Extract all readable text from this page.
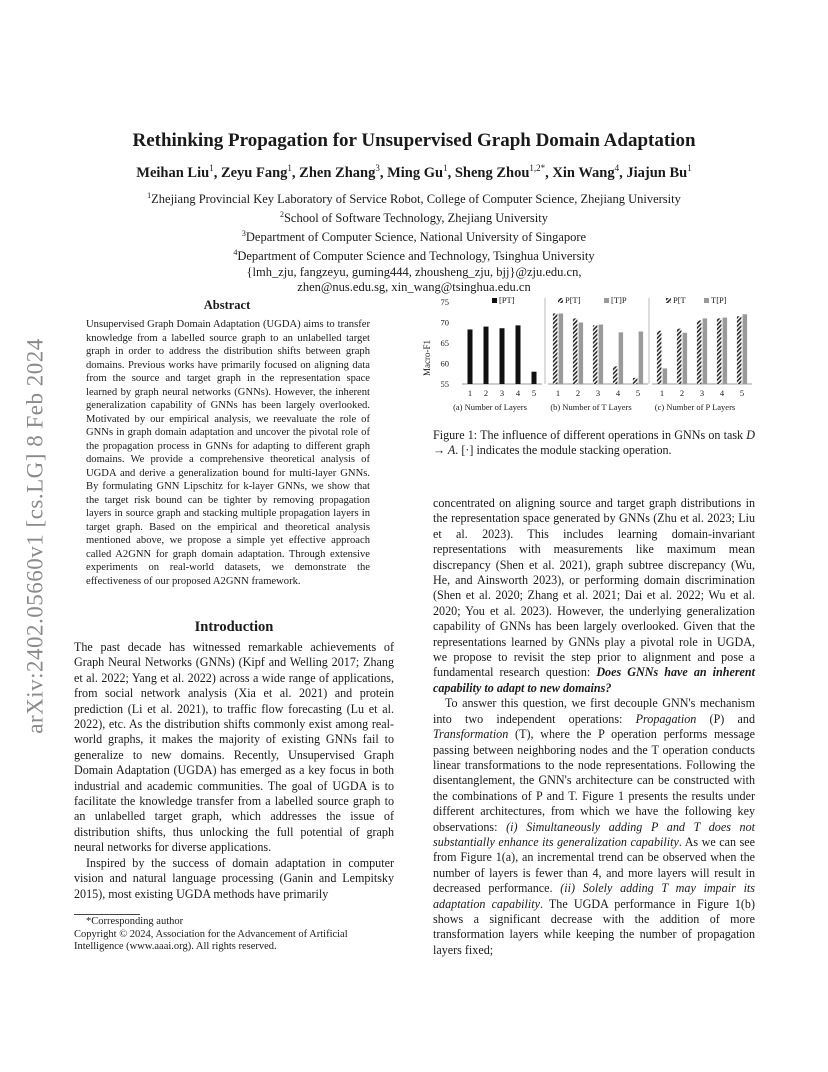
arXiv:2402.05660v1 [cs.LG] 8 Feb 2024
Rethinking Propagation for Unsupervised Graph Domain Adaptation
Meihan Liu$^1$, Zeyu Fang$^1$, Zhen Zhang$^3$, Ming Gu$^1$, Sheng Zhou$^{1,2*}$, Xin Wang$^4$, Jiajun Bu$^1$
$^1$Zhejiang Provincial Key Laboratory of Service Robot, College of Computer Science, Zhejiang University
$^2$School of Software Technology, Zhejiang University
$^3$Department of Computer Science, National University of Singapore
$^4$Department of Computer Science and Technology, Tsinghua University
{lmh_zju, fangzeyu, guming444, zhousheng_zju, bjj}@zju.edu.cn,
zhen@nus.edu.sg, xin_wang@tsinghua.edu.cn
Abstract
Unsupervised Graph Domain Adaptation (UGDA) aims to transfer knowledge from a labelled source graph to an unlabelled target graph in order to address the distribution shifts between graph domains. Previous works have primarily focused on aligning data from the source and target graph in the representation space learned by graph neural networks (GNNs). However, the inherent generalization capability of GNNs has been largely overlooked. Motivated by our empirical analysis, we reevaluate the role of GNNs in graph domain adaptation and uncover the pivotal role of the propagation process in GNNs for adapting to different graph domains. We provide a comprehensive theoretical analysis of UGDA and derive a generalization bound for multi-layer GNNs. By formulating GNN Lipschitz for k-layer GNNs, we show that the target risk bound can be tighter by removing propagation layers in source graph and stacking multiple propagation layers in target graph. Based on the empirical and theoretical analysis mentioned above, we propose a simple yet effective approach called A2GNN for graph domain adaptation. Through extensive experiments on real-world datasets, we demonstrate the effectiveness of our proposed A2GNN framework.
Introduction

The past decade has witnessed remarkable achievements of Graph Neural Networks (GNNs) (Kipf and Welling 2017; Zhang et al. 2022; Yang et al. 2022) across a wide range of applications, from social network analysis (Xia et al. 2021) and protein prediction (Li et al. 2021), to traffic flow forecasting (Lu et al. 2022), etc. As the distribution shifts commonly exist among real-world graphs, it makes the majority of existing GNNs fail to generalize to new domains. Recently, Unsupervised Graph Domain Adaptation (UGDA) has emerged as a key focus in both industrial and academic communities. The goal of UGDA is to facilitate the knowledge transfer from a labelled source graph to an unlabelled target graph, which addresses the issue of distribution shifts, thus unlocking the full potential of graph neural networks for diverse applications.

Inspired by the success of domain adaptation in computer vision and natural language processing (Ganin and Lempitsky 2015), most existing UGDA methods have primarily

*Corresponding author

Copyright © 2024, Association for the Advancement of Artificial Intelligence (www.aaai.org). All rights reserved.

Macro-F1
75
70
65
60
55
1 2 3 4 5 1 2 3 4 5 1 2 3 4 5
[PT]	P[T]	[T]P	P[T	T[P]
(a) Number of Layers	(b) Number of T Layers	(c) Number of P Layers
Figure 1: The influence of different operations in GNNs on task D → A. [·] indicates the module stacking operation.

concentrated on aligning source and target graph distributions in the representation space generated by GNNs (Zhu et al. 2023; Liu et al. 2023). This includes learning domain-invariant representations with measurements like maximum mean discrepancy (Shen et al. 2021), graph subtree discrepancy (Wu, He, and Ainsworth 2023), or performing domain discrimination (Shen et al. 2020; Zhang et al. 2021; Dai et al. 2022; Wu et al. 2020; You et al. 2023). However, the underlying generalization capability of GNNs has been largely overlooked. Given that the representations learned by GNNs play a pivotal role in UGDA, we propose to revisit the step prior to alignment and pose a fundamental research question: Does GNNs have an inherent capability to adapt to new domains?

To answer this question, we first decouple GNN's mechanism into two independent operations: Propagation (P) and Transformation (T), where the P operation performs message passing between neighboring nodes and the T operation conducts linear transformations to the node representations. Following the disentanglement, the GNN's architecture can be constructed with the combinations of P and T. Figure 1 presents the results under different architectures, from which we have the following key observations: (i) Simultaneously adding P and T does not substantially enhance its generalization capability. As we can see from Figure 1(a), an incremental trend can be observed when the number of layers is fewer than 4, and more layers will result in decreased performance. (ii) Solely adding T may impair its adaptation capability. The UGDA performance in Figure 1(b) shows a significant decrease with the addition of more transformation layers while keeping the number of propagation layers fixed;
